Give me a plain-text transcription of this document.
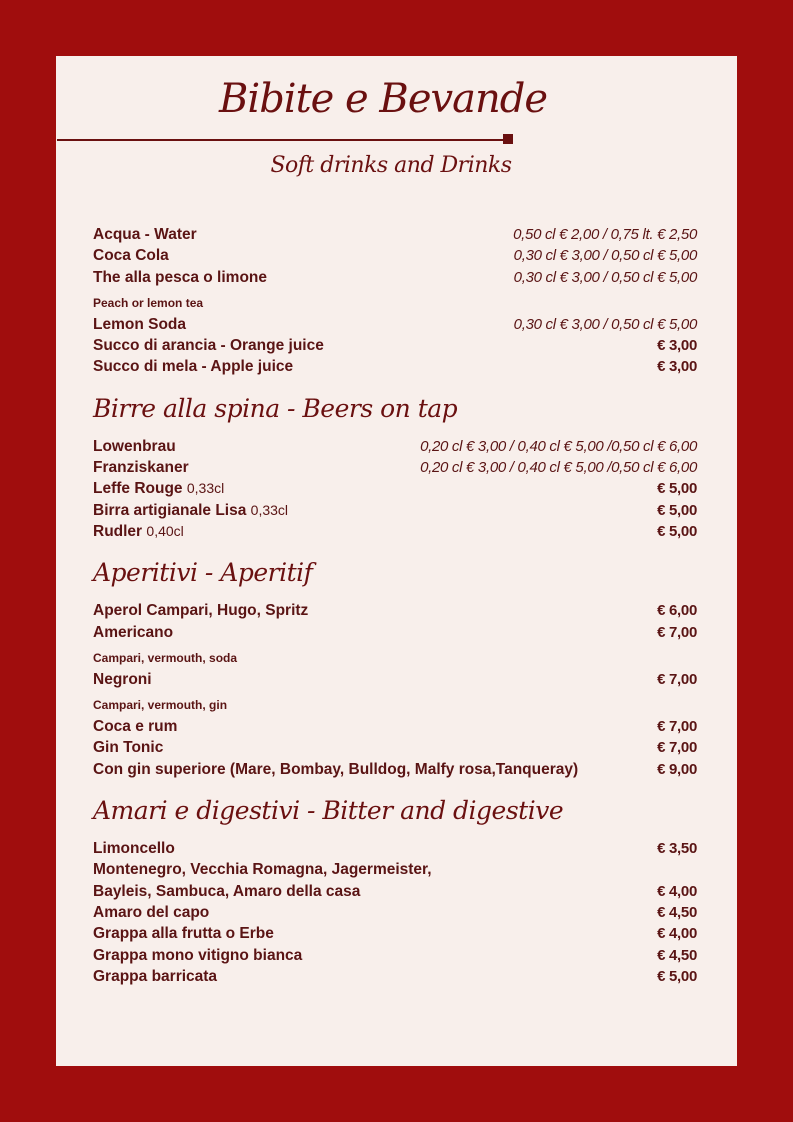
Bibite e Bevande
Soft drinks and Drinks
Acqua - Water	0,50 cl € 2,00 / 0,75 lt. € 2,50
Coca Cola	0,30 cl € 3,00 / 0,50 cl € 5,00
The alla pesca o limone	0,30 cl € 3,00 / 0,50 cl € 5,00
Peach or lemon tea
Lemon Soda	0,30 cl € 3,00 / 0,50 cl € 5,00
Succo di arancia - Orange juice	€ 3,00
Succo di mela - Apple juice	€ 3,00
Birre alla spina - Beers on tap
Lowenbrau	0,20 cl € 3,00 / 0,40 cl € 5,00 /0,50 cl € 6,00
Franziskaner	0,20 cl € 3,00 / 0,40 cl € 5,00 /0,50 cl € 6,00
Leffe Rouge 0,33cl	€ 5,00
Birra artigianale Lisa 0,33cl	€ 5,00
Rudler 0,40cl	€ 5,00
Aperitivi - Aperitif
Aperol Campari, Hugo, Spritz	€ 6,00
Americano	€ 7,00
Campari, vermouth, soda
Negroni	€ 7,00
Campari, vermouth, gin
Coca e rum	€ 7,00
Gin Tonic	€ 7,00
Con gin superiore (Mare, Bombay, Bulldog, Malfy rosa,Tanqueray)	€ 9,00
Amari e digestivi - Bitter and digestive
Limoncello	€ 3,50
Montenegro, Vecchia Romagna, Jagermeister,
Bayleis, Sambuca, Amaro della casa	€ 4,00
Amaro del capo	€ 4,50
Grappa alla frutta o Erbe	€ 4,00
Grappa mono vitigno bianca	€ 4,50
Grappa barricata	€ 5,00
